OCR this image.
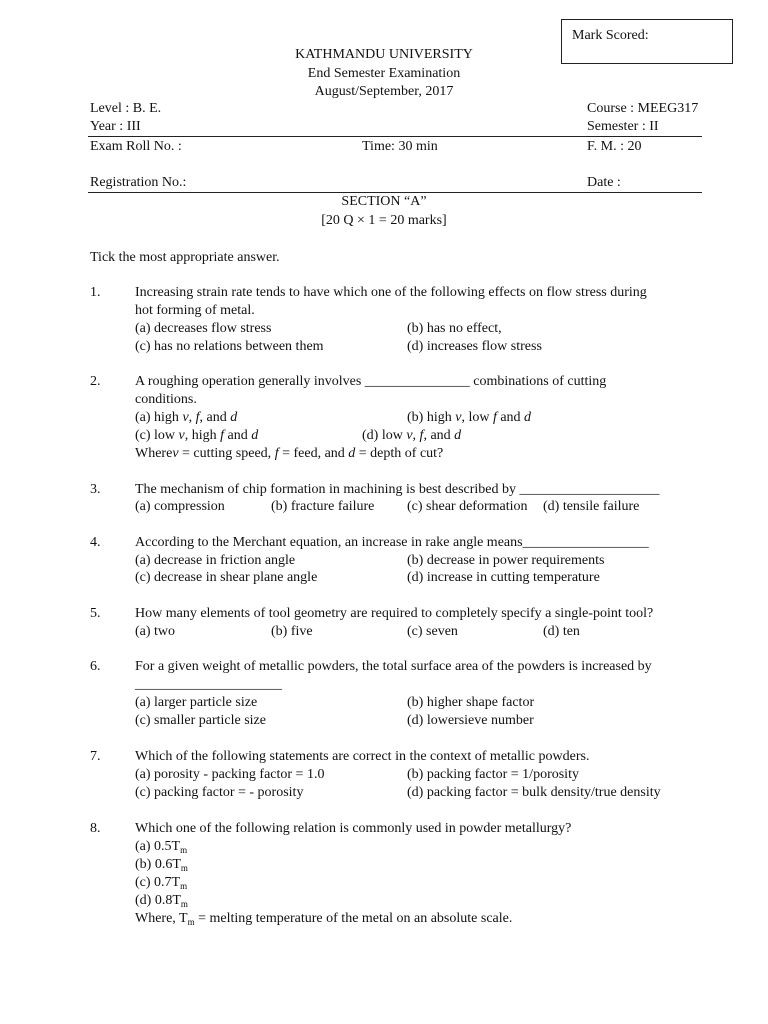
Mark Scored:
KATHMANDU UNIVERSITY
End Semester Examination
August/September, 2017
Level : B. E.	Course : MEEG317
Year : III	Semester : II
Exam Roll No. :	Time: 30 min	F. M. : 20
Registration No.:	Date :
SECTION “A”
[20 Q × 1 = 20 marks]
Tick the most appropriate answer.
1. Increasing strain rate tends to have which one of the following effects on flow stress during
hot forming of metal.
(a) decreases flow stress	(b) has no effect,
(c) has no relations between them	(d) increases flow stress
2. A roughing operation generally involves _______________ combinations of cutting
conditions.
(a) high v, f, and d	(b) high v, low f and d
(c) low v, high f and d	(d) low v, f, and d
Wherev = cutting speed, f = feed, and d = depth of cut?
3. The mechanism of chip formation in machining is best described by ____________________
(a) compression	(b) fracture failure (c) shear deformation (d) tensile failure
4. According to the Merchant equation, an increase in rake angle means__________________
(a) decrease in friction angle	(b) decrease in power requirements
(c) decrease in shear plane angle	(d) increase in cutting temperature
5. How many elements of tool geometry are required to completely specify a single-point tool?
(a) two	(b) five	(c) seven	(d) ten
6. For a given weight of metallic powders, the total surface area of the powders is increased by
_____________________
(a) larger particle size	(b) higher shape factor
(c) smaller particle size	(d) lowersieve number
7. Which of the following statements are correct in the context of metallic powders.
(a) porosity - packing factor = 1.0	(b) packing factor = 1/porosity
(c) packing factor = - porosity	(d) packing factor = bulk density/true density
8. Which one of the following relation is commonly used in powder metallurgy?
(a) $0.5T_m$
(b) $0.6T_m$
(c) $0.7T_m$
(d) $0.8T_m$
Where, $T_m$ = melting temperature of the metal on an absolute scale.
